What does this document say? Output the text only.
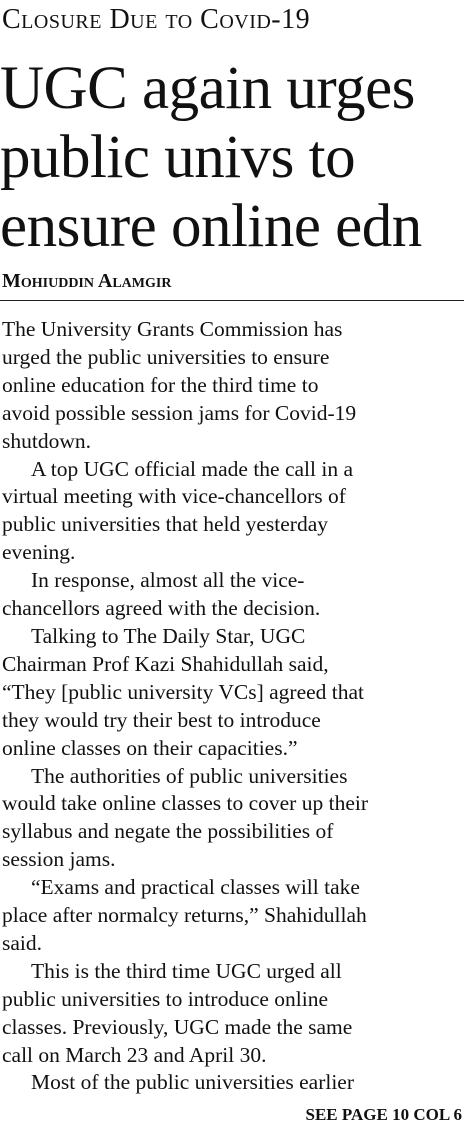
Closure Due to Covid-19
UGC again urges
public univs to
ensure online edn
Mohiuddin Alamgir
The University Grants Commission has
urged the public universities to ensure
online education for the third time to
avoid possible session jams for Covid-19
shutdown.
A top UGC official made the call in a
virtual meeting with vice-chancellors of
public universities that held yesterday
evening.
In response, almost all the vice-
chancellors agreed with the decision.
Talking to The Daily Star, UGC
Chairman Prof Kazi Shahidullah said,
“They [public university VCs] agreed that
they would try their best to introduce
online classes on their capacities.”
The authorities of public universities
would take online classes to cover up their
syllabus and negate the possibilities of
session jams.
“Exams and practical classes will take
place after normalcy returns,” Shahidullah
said.
This is the third time UGC urged all
public universities to introduce online
classes. Previously, UGC made the same
call on March 23 and April 30.
Most of the public universities earlier
SEE PAGE 10 COL 6
